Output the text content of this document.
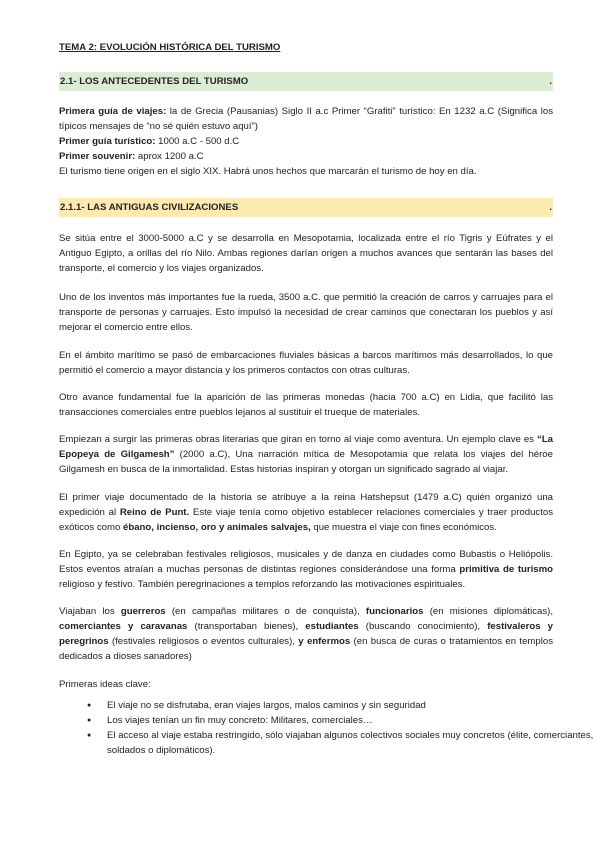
TEMA 2: EVOLUCIÓN HISTÓRICA DEL TURISMO
2.1- LOS ANTECEDENTES DEL TURISMO	.

Primera guía de viajes: la de Grecia (Pausanias) Siglo II a.c Primer “Grafiti” turístico: En 1232 a.C (Significa los típicos mensajes de “no sé quién estuvo aquí”)

Primer guía turístico: 1000 a.C - 500 d.C

Primer souvenir: aprox 1200 a.C

El turismo tiene origen en el siglo XIX. Habrá unos hechos que marcarán el turismo de hoy en día.

2.1.1- LAS ANTIGUAS CIVILIZACIONES	.

Se sitúa entre el 3000-5000 a.C y se desarrolla en Mesopotamia, localizada entre el río Tigris y Eúfrates y el Antiguo Egipto, a orillas del río Nilo. Ambas regiones darían origen a muchos avances que sentarán las bases del transporte, el comercio y los viajes organizados.

Uno de los inventos más importantes fue la rueda, 3500 a.C. que permitió la creación de carros y carruajes para el transporte de personas y carruajes. Esto impulsó la necesidad de crear caminos que conectaran los pueblos y así mejorar el comercio entre ellos.

En el ámbito marítimo se pasó de embarcaciones fluviales básicas a barcos marítimos más desarrollados, lo que permitió el comercio a mayor distancia y los primeros contactos con otras culturas.

Otro avance fundamental fue la aparición de las primeras monedas (hacia 700 a.C) en Lidia, que facilitó las transacciones comerciales entre pueblos lejanos al sustituir el trueque de materiales.

Empiezan a surgir las primeras obras literarias que giran en torno al viaje como aventura. Un ejemplo clave es “La Epopeya de Gilgamesh” (2000 a.C), Una narración mítica de Mesopotamia que relata los viajes del héroe Gilgamesh en busca de la inmortalidad. Estas historias inspiran y otorgan un significado sagrado al viajar.

El primer viaje documentado de la historia se atribuye a la reina Hatshepsut (1479 a.C) quién organizó una expedición al Reino de Punt. Este viaje tenía como objetivo establecer relaciones comerciales y traer productos exóticos como ébano, incienso, oro y animales salvajes, que muestra el viaje con fines económicos.

En Egipto, ya se celebraban festivales religiosos, musicales y de danza en ciudades como Bubastis o Heliópolis. Estos eventos atraían a muchas personas de distintas regiones considerándose una forma primitiva de turismo religioso y festivo. También peregrinaciones a templos reforzando las motivaciones espirituales.

Viajaban los guerreros (en campañas militares o de conquista), funcionarios (en misiones diplomáticas), comerciantes y caravanas (transportaban bienes), estudiantes (buscando conocimiento), festivaleros y peregrinos (festivales religiosos o eventos culturales), y enfermos (en busca de curas o tratamientos en templos dedicados a dioses sanadores)

Primeras ideas clave:

● El viaje no se disfrutaba, eran viajes largos, malos caminos y sin seguridad
● Los viajes tenían un fin muy concreto: Militares, comerciales…
● El acceso al viaje estaba restringido, sólo viajaban algunos colectivos sociales muy concretos (élite, comerciantes, soldados o diplomáticos).
